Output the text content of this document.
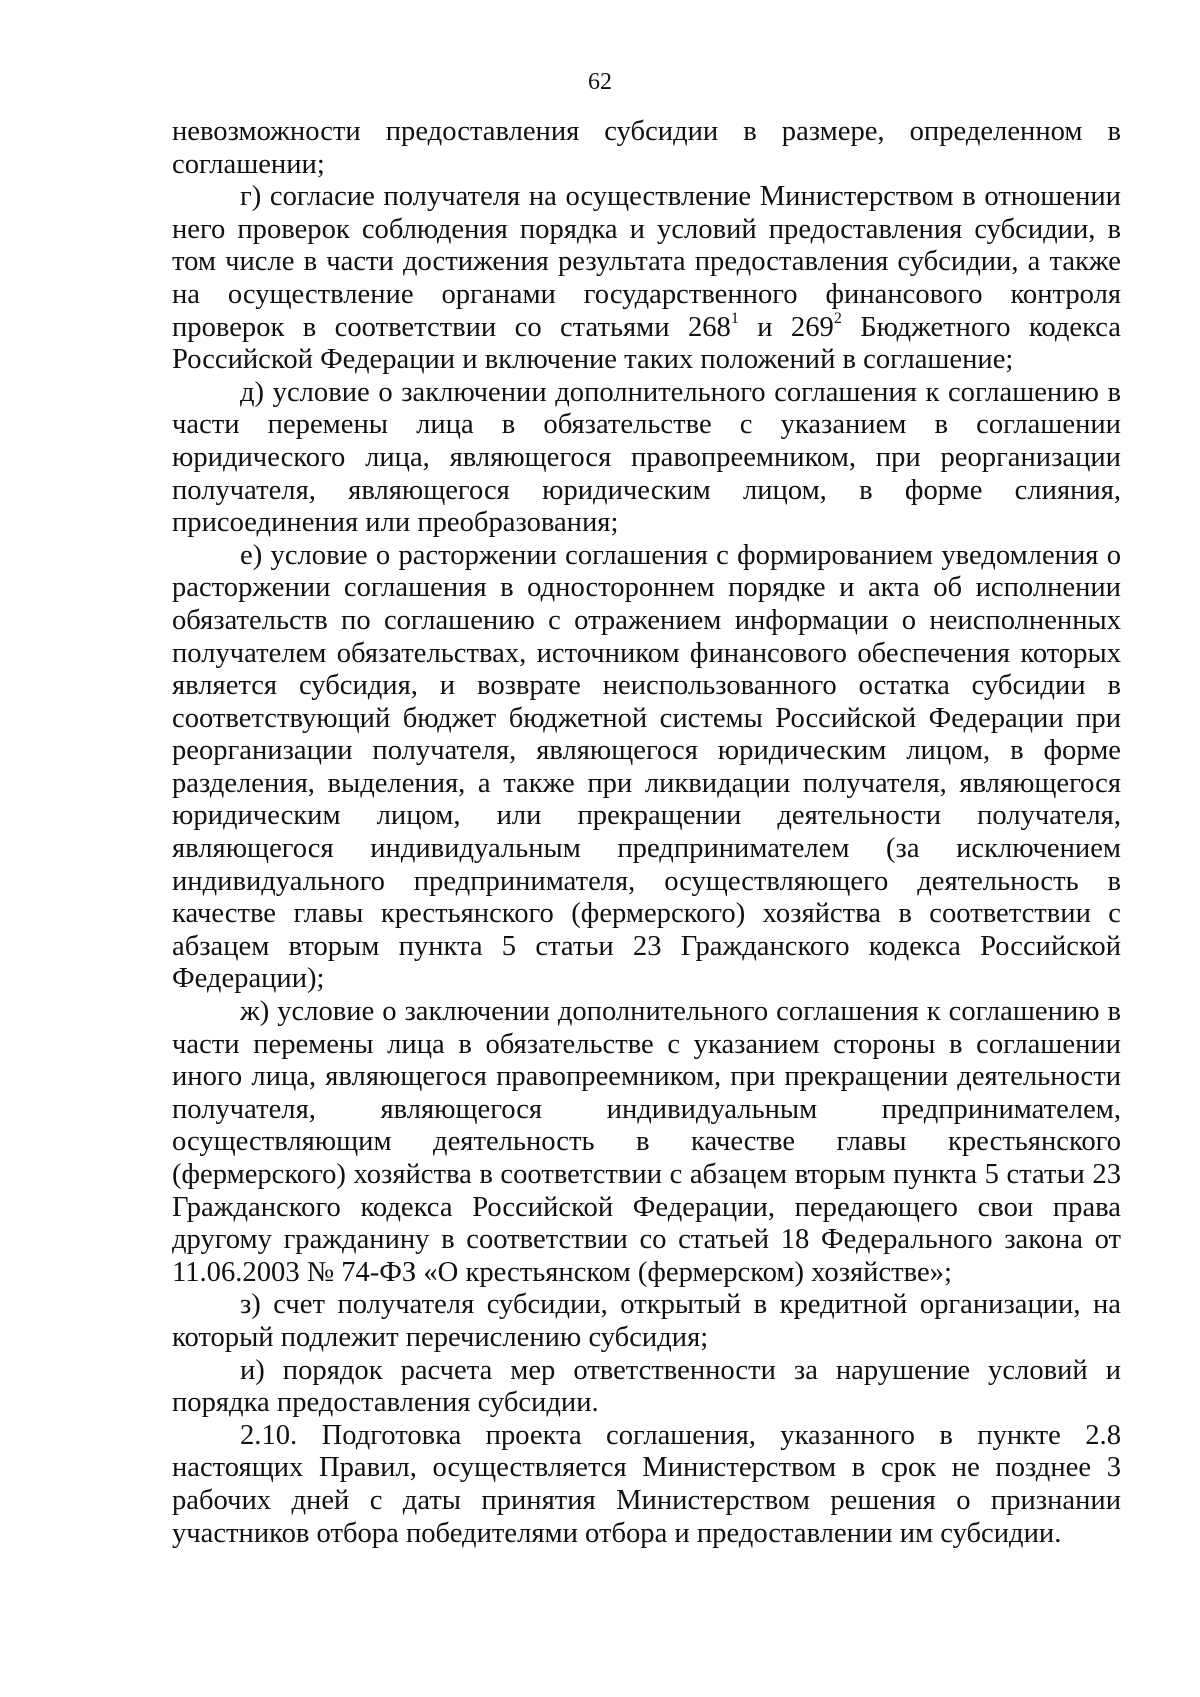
62

невозможности предоставления субсидии в размере, определенном в соглашении;

г) согласие получателя на осуществление Министерством в отношении него проверок соблюдения порядка и условий предоставления субсидии, в том числе в части достижения результата предоставления субсидии, а также на осуществление органами государственного финансового контроля проверок в соответствии со статьями $268^1$ и $269^2$ Бюджетного кодекса Российской Федерации и включение таких положений в соглашение;

д) условие о заключении дополнительного соглашения к соглашению в части перемены лица в обязательстве с указанием в соглашении юридического лица, являющегося правопреемником, при реорганизации получателя, являющегося юридическим лицом, в форме слияния, присоединения или преобразования;

е) условие о расторжении соглашения с формированием уведомления о расторжении соглашения в одностороннем порядке и акта об исполнении обязательств по соглашению с отражением информации о неисполненных получателем обязательствах, источником финансового обеспечения которых является субсидия, и возврате неиспользованного остатка субсидии в соответствующий бюджет бюджетной системы Российской Федерации при реорганизации получателя, являющегося юридическим лицом, в форме разделения, выделения, а также при ликвидации получателя, являющегося юридическим лицом, или прекращении деятельности получателя, являющегося индивидуальным предпринимателем (за исключением индивидуального предпринимателя, осуществляющего деятельность в качестве главы крестьянского (фермерского) хозяйства в соответствии с абзацем вторым пункта 5 статьи 23 Гражданского кодекса Российской Федерации);

ж) условие о заключении дополнительного соглашения к соглашению в части перемены лица в обязательстве с указанием стороны в соглашении иного лица, являющегося правопреемником, при прекращении деятельности получателя, являющегося индивидуальным предпринимателем, осуществляющим деятельность в качестве главы крестьянского (фермерского) хозяйства в соответствии с абзацем вторым пункта 5 статьи 23 Гражданского кодекса Российской Федерации, передающего свои права другому гражданину в соответствии со статьей 18 Федерального закона от 11.06.2003 № 74-ФЗ «О крестьянском (фермерском) хозяйстве»;

з) счет получателя субсидии, открытый в кредитной организации, на который подлежит перечислению субсидия;

и) порядок расчета мер ответственности за нарушение условий и порядка предоставления субсидии.

2.10. Подготовка проекта соглашения, указанного в пункте 2.8 настоящих Правил, осуществляется Министерством в срок не позднее 3 рабочих дней с даты принятия Министерством решения о признании участников отбора победителями отбора и предоставлении им субсидии.
